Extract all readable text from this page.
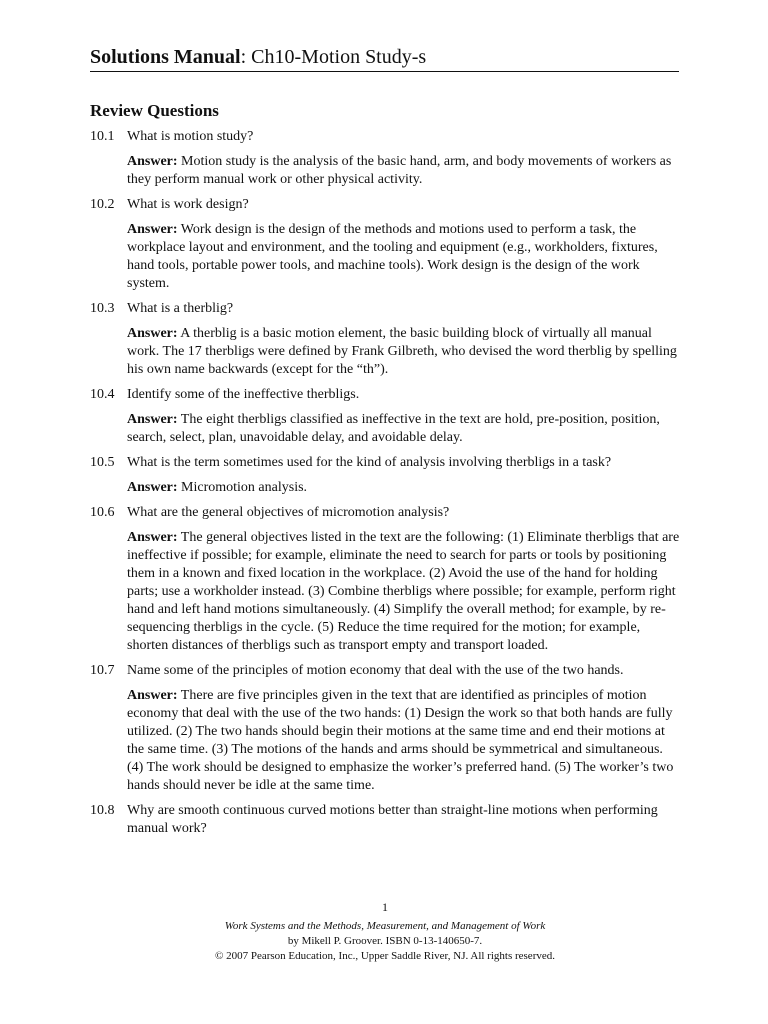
Solutions Manual: Ch10-Motion Study-s
Review Questions
10.1 What is motion study?
Answer: Motion study is the analysis of the basic hand, arm, and body movements of workers as they perform manual work or other physical activity.
10.2 What is work design?
Answer: Work design is the design of the methods and motions used to perform a task, the workplace layout and environment, and the tooling and equipment (e.g., workholders, fixtures, hand tools, portable power tools, and machine tools). Work design is the design of the work system.
10.3 What is a therblig?
Answer: A therblig is a basic motion element, the basic building block of virtually all manual work. The 17 therbligs were defined by Frank Gilbreth, who devised the word therblig by spelling his own name backwards (except for the “th”).
10.4 Identify some of the ineffective therbligs.
Answer: The eight therbligs classified as ineffective in the text are hold, pre-position, position, search, select, plan, unavoidable delay, and avoidable delay.
10.5 What is the term sometimes used for the kind of analysis involving therbligs in a task?
Answer: Micromotion analysis.
10.6 What are the general objectives of micromotion analysis?
Answer: The general objectives listed in the text are the following: (1) Eliminate therbligs that are ineffective if possible; for example, eliminate the need to search for parts or tools by positioning them in a known and fixed location in the workplace. (2) Avoid the use of the hand for holding parts; use a workholder instead. (3) Combine therbligs where possible; for example, perform right hand and left hand motions simultaneously. (4) Simplify the overall method; for example, by re-sequencing therbligs in the cycle. (5) Reduce the time required for the motion; for example, shorten distances of therbligs such as transport empty and transport loaded.
10.7 Name some of the principles of motion economy that deal with the use of the two hands.
Answer: There are five principles given in the text that are identified as principles of motion economy that deal with the use of the two hands: (1) Design the work so that both hands are fully utilized. (2) The two hands should begin their motions at the same time and end their motions at the same time. (3) The motions of the hands and arms should be symmetrical and simultaneous. (4) The work should be designed to emphasize the worker’s preferred hand. (5) The worker’s two hands should never be idle at the same time.
10.8 Why are smooth continuous curved motions better than straight-line motions when performing manual work?
1
Work Systems and the Methods, Measurement, and Management of Work
by Mikell P. Groover. ISBN 0-13-140650-7.
© 2007 Pearson Education, Inc., Upper Saddle River, NJ. All rights reserved.
